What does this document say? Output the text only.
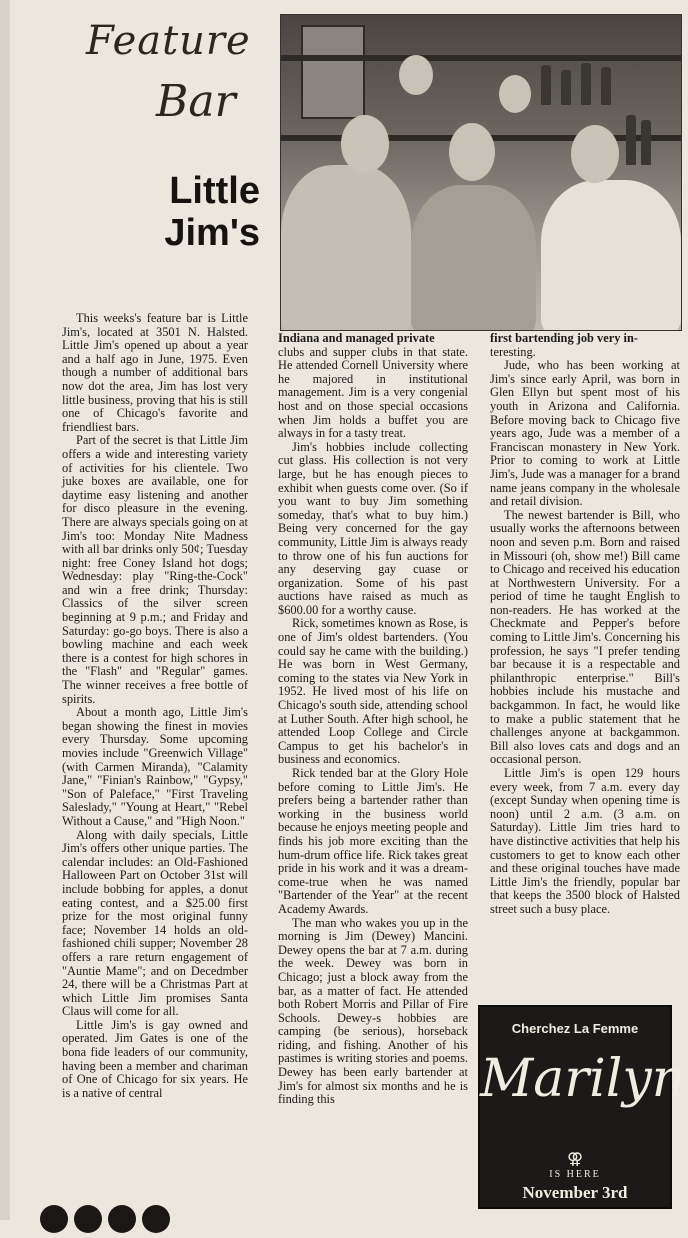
Feature
Bar
Little
Jim's

This weeks's feature bar is Little Jim's, located at 3501 N. Halsted. Little Jim's opened up about a year and a half ago in June, 1975. Even though a number of additional bars now dot the area, Jim has lost very little business, proving that his is still one of Chicago's favorite and friendliest bars.

Part of the secret is that Little Jim offers a wide and interesting variety of activities for his clientele. Two juke boxes are available, one for daytime easy listening and another for disco pleasure in the evening. There are always specials going on at Jim's too: Monday Nite Madness with all bar drinks only 50¢; Tuesday night: free Coney Island hot dogs; Wednesday: play "Ring-the-Cock" and win a free drink; Thursday: Classics of the silver screen beginning at 9 p.m.; and Friday and Saturday: go-go boys. There is also a bowling machine and each week there is a contest for high schores in the "Flash" and "Regular" games. The winner receives a free bottle of spirits.

About a month ago, Little Jim's began showing the finest in movies every Thursday. Some upcoming movies include "Greenwich Village" (with Carmen Miranda), "Calamity Jane," "Finian's Rainbow," "Gypsy," "Son of Paleface," "First Traveling Saleslady," "Young at Heart," "Rebel Without a Cause," and "High Noon."

Along with daily specials, Little Jim's offers other unique parties. The calendar includes: an Old-Fashioned Halloween Part on October 31st will include bobbing for apples, a donut eating contest, and a $25.00 first prize for the most original funny face; November 14 holds an old-fashioned chili supper; November 28 offers a rare return engagement of "Auntie Mame"; and on Decedmber 24, there will be a Christmas Part at which Little Jim promises Santa Claus will come for all.

Little Jim's is gay owned and operated. Jim Gates is one of the bona fide leaders of our community, having been a member and chariman of One of Chicago for six years. He is a native of central

Indiana and managed private

clubs and supper clubs in that state. He attended Cornell University where he majored in institutional management. Jim is a very congenial host and on those special occasions when Jim holds a buffet you are always in for a tasty treat.

Jim's hobbies include collecting cut glass. His collection is not very large, but he has enough pieces to exhibit when guests come over. (So if you want to buy Jim something someday, that's what to buy him.) Being very concerned for the gay community, Little Jim is always ready to throw one of his fun auctions for any deserving gay cuase or organization. Some of his past auctions have raised as much as $600.00 for a worthy cause.

Rick, sometimes known as Rose, is one of Jim's oldest bartenders. (You could say he came with the building.) He was born in West Germany, coming to the states via New York in 1952. He lived most of his life on Chicago's south side, attending school at Luther South. After high school, he attended Loop College and Circle Campus to get his bachelor's in business and economics.

Rick tended bar at the Glory Hole before coming to Little Jim's. He prefers being a bartender rather than working in the business world because he enjoys meeting people and finds his job more exciting than the hum-drum office life. Rick takes great pride in his work and it was a dream-come-true when he was named "Bartender of the Year" at the recent Academy Awards.

The man who wakes you up in the morning is Jim (Dewey) Mancini. Dewey opens the bar at 7 a.m. during the week. Dewey was born in Chicago; just a block away from the bar, as a matter of fact. He attended both Robert Morris and Pillar of Fire Schools. Dewey-s hobbies are camping (be serious), horseback riding, and fishing. Another of his pastimes is writing stories and poems. Dewey has been early bartender at Jim's for almost six months and he is finding this

first bartending job very in-

teresting.

Jude, who has been working at Jim's since early April, was born in Glen Ellyn but spent most of his youth in Arizona and California. Before moving back to Chicago five years ago, Jude was a member of a Franciscan monastery in New York. Prior to coming to work at Little Jim's, Jude was a manager for a brand name jeans company in the wholesale and retail division.

The newest bartender is Bill, who usually works the afternoons between noon and seven p.m. Born and raised in Missouri (oh, show me!) Bill came to Chicago and received his education at Northwestern University. For a period of time he taught English to non-readers. He has worked at the Checkmate and Pepper's before coming to Little Jim's. Concerning his profession, he says "I prefer tending bar because it is a respectable and philanthropic enterprise." Bill's hobbies include his mustache and backgammon. In fact, he would like to make a public statement that he challenges anyone at backgammon. Bill also loves cats and dogs and an occasional person.

Little Jim's is open 129 hours every week, from 7 a.m. every day (except Sunday when opening time is noon) until 2 a.m. (3 a.m. on Saturday). Little Jim tries hard to have distinctive activities that help his customers to get to know each other and these original touches have made Little Jim's the friendly, popular bar that keeps the 3500 block of Halsted street such a busy place.

Cherchez La Femme
Marilyn
⚢
IS HERE
November 3rd
